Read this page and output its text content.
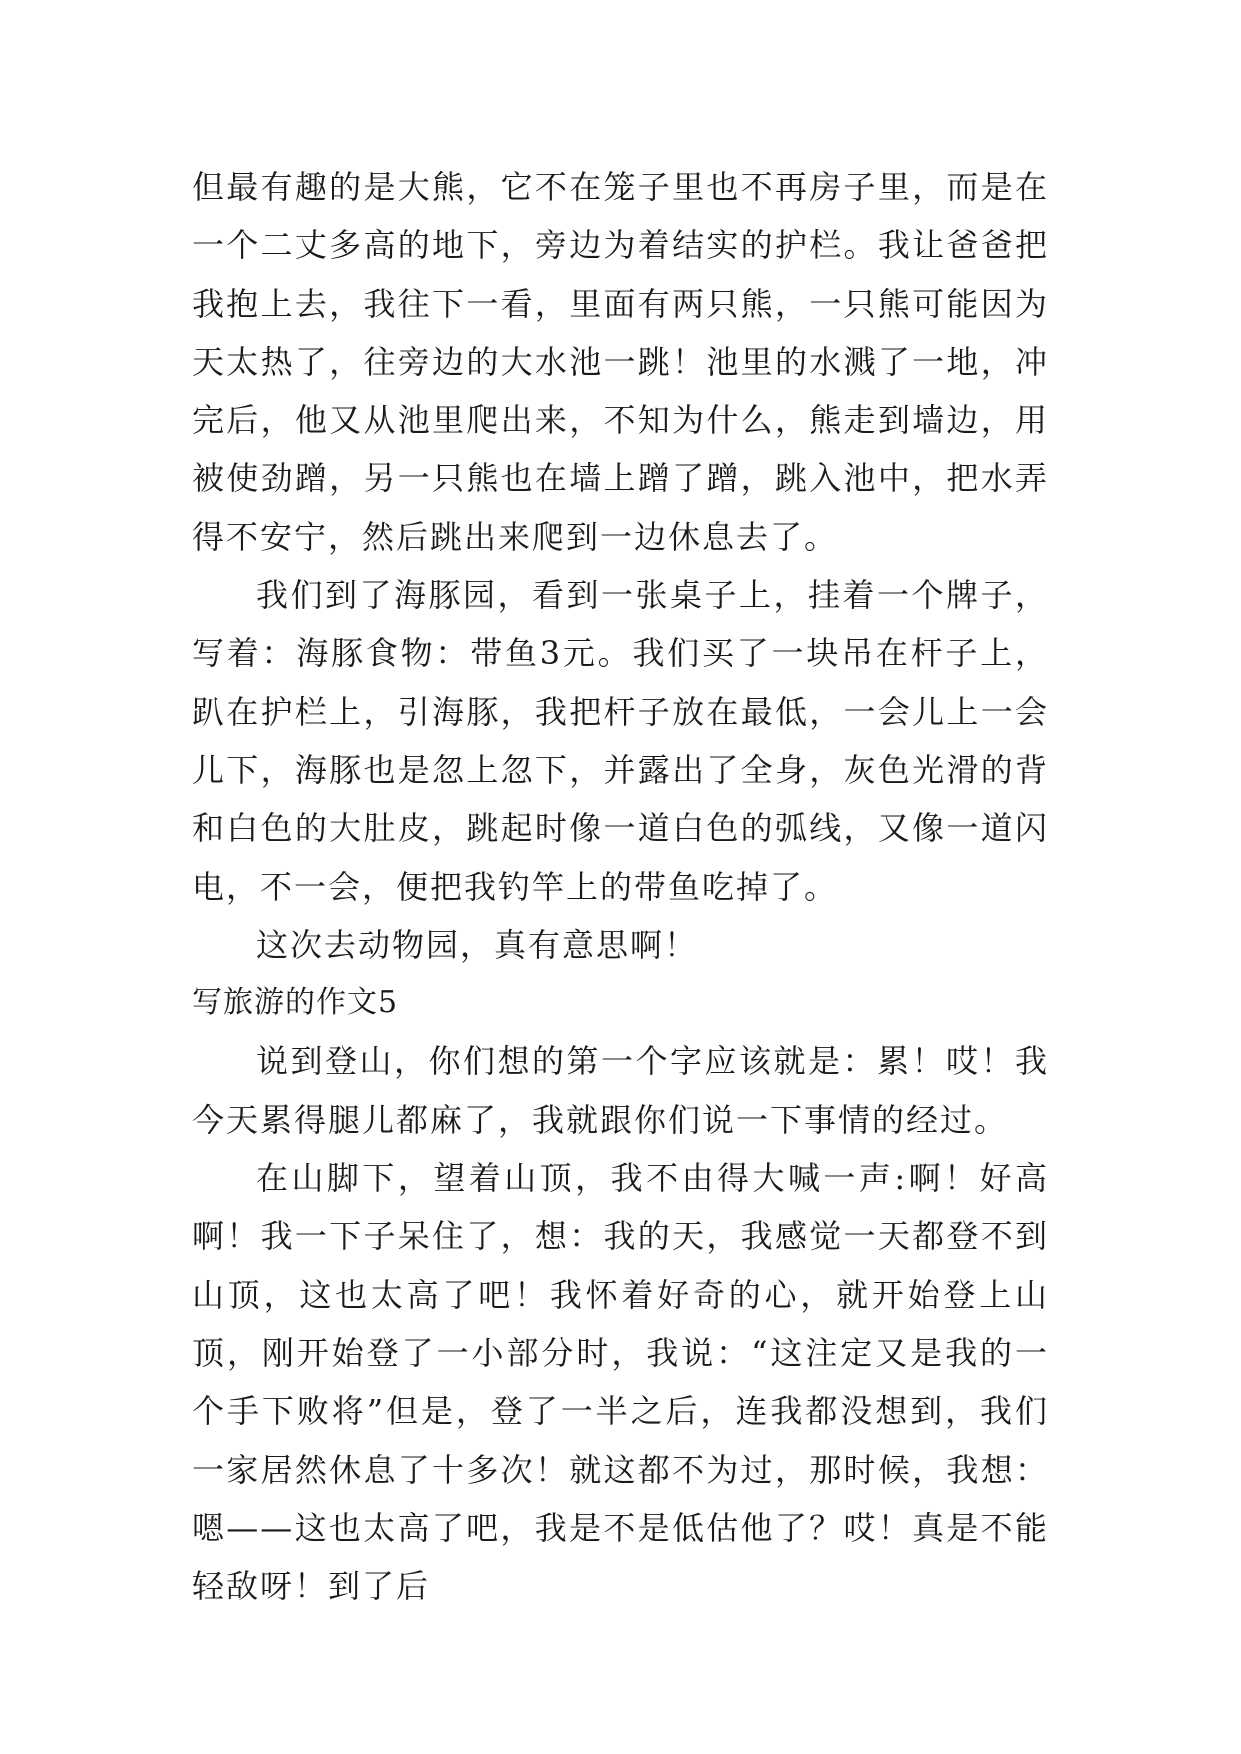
但最有趣的是大熊，它不在笼子里也不再房子里，而是在一个二丈多高的地下，旁边为着结实的护栏。我让爸爸把我抱上去，我往下一看，里面有两只熊，一只熊可能因为天太热了，往旁边的大水池一跳！池里的水溅了一地，冲完后，他又从池里爬出来，不知为什么，熊走到墙边，用被使劲蹭，另一只熊也在墙上蹭了蹭，跳入池中，把水弄得不安宁，然后跳出来爬到一边休息去了。

我们到了海豚园，看到一张桌子上，挂着一个牌子，写着：海豚食物：带鱼3元。我们买了一块吊在杆子上，趴在护栏上，引海豚，我把杆子放在最低，一会儿上一会儿下，海豚也是忽上忽下，并露出了全身，灰色光滑的背和白色的大肚皮，跳起时像一道白色的弧线，又像一道闪电，不一会，便把我钓竿上的带鱼吃掉了。

这次去动物园，真有意思啊！

写旅游的作文5

说到登山，你们想的第一个字应该就是：累！哎！我今天累得腿儿都麻了，我就跟你们说一下事情的经过。

在山脚下，望着山顶，我不由得大喊一声:啊！好高啊！我一下子呆住了，想：我的天，我感觉一天都登不到山顶，这也太高了吧！我怀着好奇的心，就开始登上山顶，刚开始登了一小部分时，我说：“这注定又是我的一个手下败将”但是，登了一半之后，连我都没想到，我们一家居然休息了十多次！就这都不为过，那时候，我想：嗯——这也太高了吧，我是不是低估他了？哎！真是不能轻敌呀！到了后
